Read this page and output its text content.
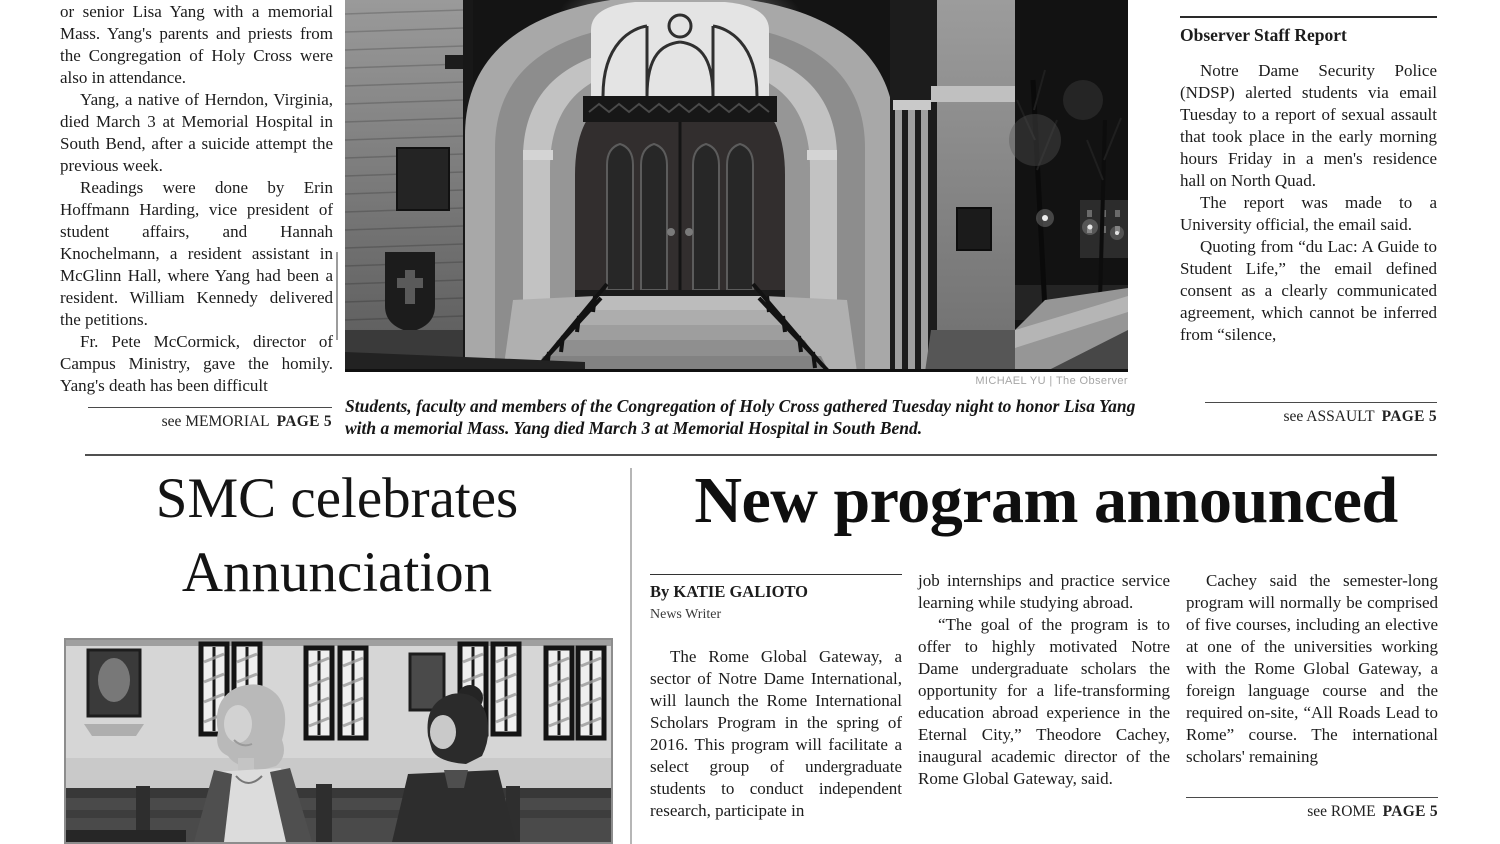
or senior Lisa Yang with a memorial Mass. Yang's parents and priests from the Congregation of Holy Cross were also in attendance.

Yang, a native of Herndon, Virginia, died March 3 at Memorial Hospital in South Bend, after a suicide attempt the previous week.

Readings were done by Erin Hoffmann Harding, vice president of student affairs, and Hannah Knochelmann, a resident assistant in McGlinn Hall, where Yang had been a resident. William Kennedy delivered the petitions.

Fr. Pete McCormick, director of Campus Ministry, gave the homily. Yang's death has been difficult

see MEMORIAL PAGE 5
MICHAEL YU | The Observer
Students, faculty and members of the Congregation of Holy Cross gathered Tuesday night to honor Lisa Yang with a memorial Mass. Yang died March 3 at Memorial Hospital in South Bend.

Observer Staff Report

Notre Dame Security Police (NDSP) alerted students via email Tuesday to a report of sexual assault that took place in the early morning hours Friday in a men's residence hall on North Quad.

The report was made to a University official, the email said.

Quoting from “du Lac: A Guide to Student Life,” the email defined consent as a clearly communicated agreement, which cannot be inferred from “silence,

see ASSAULT PAGE 5
SMC celebrates
Annunciation
New program announced
By KATIE GALIOTO
News Writer

The Rome Global Gateway, a sector of Notre Dame International, will launch the Rome International Scholars Program in the spring of 2016. This program will facilitate a select group of undergraduate students to conduct independent research, participate in

job internships and practice service learning while studying abroad.

“The goal of the program is to offer to highly motivated Notre Dame undergraduate scholars the opportunity for a life-transforming education abroad experience in the Eternal City,” Theodore Cachey, inaugural academic director of the Rome Global Gateway, said.

Cachey said the semester-long program will normally be comprised of five courses, including an elective at one of the universities working with the Rome Global Gateway, a foreign language course and the required on-site, “All Roads Lead to Rome” course. The international scholars' remaining

see ROME PAGE 5
